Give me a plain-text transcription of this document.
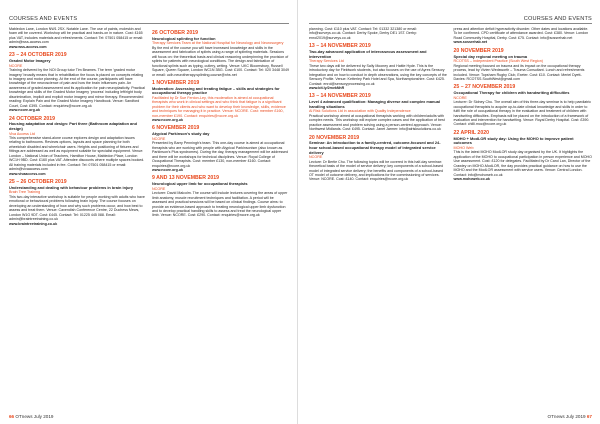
COURSES AND EVENTS
Mabledon Lane, London NW1 2SX. Notable Lane. The use of paints, moleskin and foam will be covered. Workshop will be practical and hands-on in nature. Cost: £165 plus VAT, includes materials and refreshments. Contact: Tel: 07501 058415 or email: admin@wss-access.com
www.wss-access.com
23 – 24 OCTOBER 2019
Graded Motor Imagery
NCORE
Training delivered by the NOI Group tutor Tim Beames. The term 'graded motor imagery' broadly means that in rehabilitation the focus is placed on concepts relating to imagery and motor planning. At the end of the course, participants will have knowledge of the neuroscience of pain and how the brain influences pain. An awareness of graded assessment and its application for pain neuroplasticity. Practical knowledge and skills of the Graded Motor Imagery 'process' including left/right body discrimination, implicit and explicit motor imagery and mirror therapy. Recommended reading: Explain Pain and the Graded Motor Imagery Handbook. Venue: Sandford Court, Cost: £395. Contact: enquiries@ncore.org.uk
www.ncore.org.uk
24 OCTOBER 2019
Housing adaptation and design: Part three (Bathroom adaptation and design)
Viva Access Ltd
This comprehensive stand-alone course explores design and adaptation issues relating to bathrooms. Reviews options, layouts and space planning for both wheelchair disabled and wheelchair users. Heights and positioning of fixtures and fittings are addressed as well as equipment suitable for specialist equipment. Venue: London – National Union of Teachers, Hamilton House, Mabledon Place, London WC1H 9BD. Cost: £160 plus VAT. Attendee discounts where multiple spaces booked. All training materials included in fee. Contact: Tel: 07501 058415 or email: admin@vivaaccess.com
www.vivaaccess.com
25 – 26 OCTOBER 2019
Understanding and dealing with behaviour problems in brain injury
Brain Tree Training
This two-day interactive workshop is suitable for people working with adults who have emotional or behavioural problems following brain injury. The course focuses on developing an understanding of how and why such problems occur, and how best to assess and treat them. Venue: Cavendish Conference Centre, 22 Duchess Mews, London W1G 9DT. Cost: £445. Contact: Tel: 01225 445 088. Email: admin@braintreetraining.co.uk
www.braintreetraining.co.uk
26 OCTOBER 2019
Neurological splinting for function
Therapy Services Team at the National Hospital for Neurology and Neurosurgery
By the end of the course you will have increased knowledge and skills in the assessment and fabrication of splints using a range of splinting materials. Sessions will focus on: the theoretical basis and clinical reasoning underpinning the provision of splints for patients with neurological conditions. The design and fabrication of functional splints such as typing, cutlery, writing. Venue: UKC Bloomsbury, Russell Square, Queen Square, London WC1N 3BG. Cost: £100. Contact: Tel: 020 3448 3049 or email: uclh.neurotherapy.splinting.course@nhs.net
1 NOVEMBER 2019
Moderation: Assessing and treating fatigue – skills and strategies for occupational therapy practice
Facilitated by Dr Sue Fenton-Ley, this moderation is aimed at occupational therapists who work in clinical settings and who think that fatigue is a significant problem for their clients and who want to develop their knowledge, skills, evidence and techniques for managing it in practice. Venue: NCORE. Cost: member £160, non-member £190. Contact: enquiries@ncore.org.uk
www.ncore.org.uk
6 NOVEMBER 2019
Atypical Parkinson's study day
NCORE
Presented by Barry Penningh's team. This one-day course is aimed at occupational therapists who are working with people with Atypical Parkinsonism (also known as Parkinson's Plus syndromes). During the day, therapy management will be addressed and there will be workshops for technical disciplines. Venue: Royal College of Occupational Therapists. Cost: member £130, non-member £160. Contact: enquiries@ncore.org.uk
www.ncore.org.uk
9 AND 13 NOVEMBER 2019
Neurological upper limb for occupational therapists
NCORE
Lecturer: David Malcolm. The course will include lectures covering the areas of upper limb anatomy, muscle recruitment techniques and facilitation. A period will be assessed and practical sessions will be based on clinical findings. Course aims: to provide an evidence-based approach to treating neurological upper limb dysfunction and to develop practical handling skills to assess and treat the neurological upper limb. Venue: NCORE. Cost: £290. Contact: enquiries@ncore.org.uk
66 OTnews July 2019
COURSES AND EVENTS
planning. Cost: £110 plus VAT. Contact: Tel: 01332 321380 or email: info@surveys.co.uk. Contact: Derby Spoke, Derby DE1 1ST. Derby: enrol2019@surveys.co.uk
13 – 14 NOVEMBER 2019
Two-day advanced application of interosseous assessment and intervention
Therapy Services Ltd
These two days will be delivered by Sally Mooney and Hattie Hyde. This is the introductory day for Fieldwork students, but also focuses on the use of Ayres Sensory Integration and on how to conduct in depth observations, using the key concepts of the Sensory Profile. Venue: Ketterley Park Hotel and Spa, Northamptonshire. Cost: £425. Contact: enrol@sensoryprocessing.co.uk
www.bit.ly/2mvkNhR
13 – 14 NOVEMBER 2019
Level 4 advanced qualification: Managing diverse and complex manual handling situations
Al Risk Solutions Ltd in association with Quality Independence
Practical workshop aimed at occupational therapists working with children/adults with complex needs. This workshop will explore complex cases and the application of best practice assessment and problem solving using a person-centred approach. Venue: Northwest Midlands. Cost: £495. Contact: Janet Jarmer: info@alrisksolutions.co.uk
20 NOVEMBER 2019
Seminar: An introduction to a family-centred, outcome-focused and 24-hour school-based occupational therapy model of integrated service delivery
NCORE
Lecture: Dr Bertie Chu. The following topics will be covered in this half-day seminar: theoretical basis of the model of service delivery; key components of a school-based model of integrated service delivery; the benefits and components of a school-based OT model of outcome delivery, and implications for the commissioning of services. Venue: NCORE. Cost: £140. Contact: enquiries@ncore.org.uk
press and attention deficit hyperactivity disorder. Other dates and locations available. To be confirmed. CPD certificate of attendance awarded. Cost: £380. Venue: London Road Community Hospital, Derby. Cost: £75. Contact: info@sossrehab.net
www.sossrehab.net
20 NOVEMBER 2019
Special day regional meeting on trauma
RCOTSS – Independent Practice (South West Region)
Regional meeting focused on trauma and its impact on the occupational therapy process, lead by Vivien Wedsworth – Trauma Consultant. Lunch and refreshments included. Venue: Topsham Rugby Club, Exeter. Cost: £10. Contact: Meriel Dyett-Davies: RCOTSS.SouthWest@gmail.com
25 – 27 NOVEMBER 2019
Occupational Therapy for children with handwriting difficulties
NCORE
Lecturer: Dr Sidney Chu. The overall aim of this three-day seminar is to help paediatric occupational therapists to acquire up-to-date clinical knowledge and skills in order to fulfil the role of occupational therapy in the evaluation and treatment of children with handwriting difficulties. Emphasis will be placed on the introduction of a framework of evaluation and intervention for handwriting. Venue: Royal Derby Hospital. Cost: £390. Contact: chilli.moc@ncore.org.uk
22 APRIL 2020
MOHO + ModLOR study day: Using the MOHO to improve patient outcomes
MOHO Web
This is the latest MOHO ModLOR study day organised by the UK. It highlights the application of the MOHO to occupational participation in person experience and MOHO Use assessment. Cost: £120 for delegates. Facilitated by Dr Carol Lan, Director of the Crawley on MOHO-ModLOR, the day provides practical guidance on how to use the MOHO and the ModLOR assessment with service users. Venue: Central London. Contact: info@mohoweb.co.uk
www.mohoweb.co.uk
OTnews July 2019 67
